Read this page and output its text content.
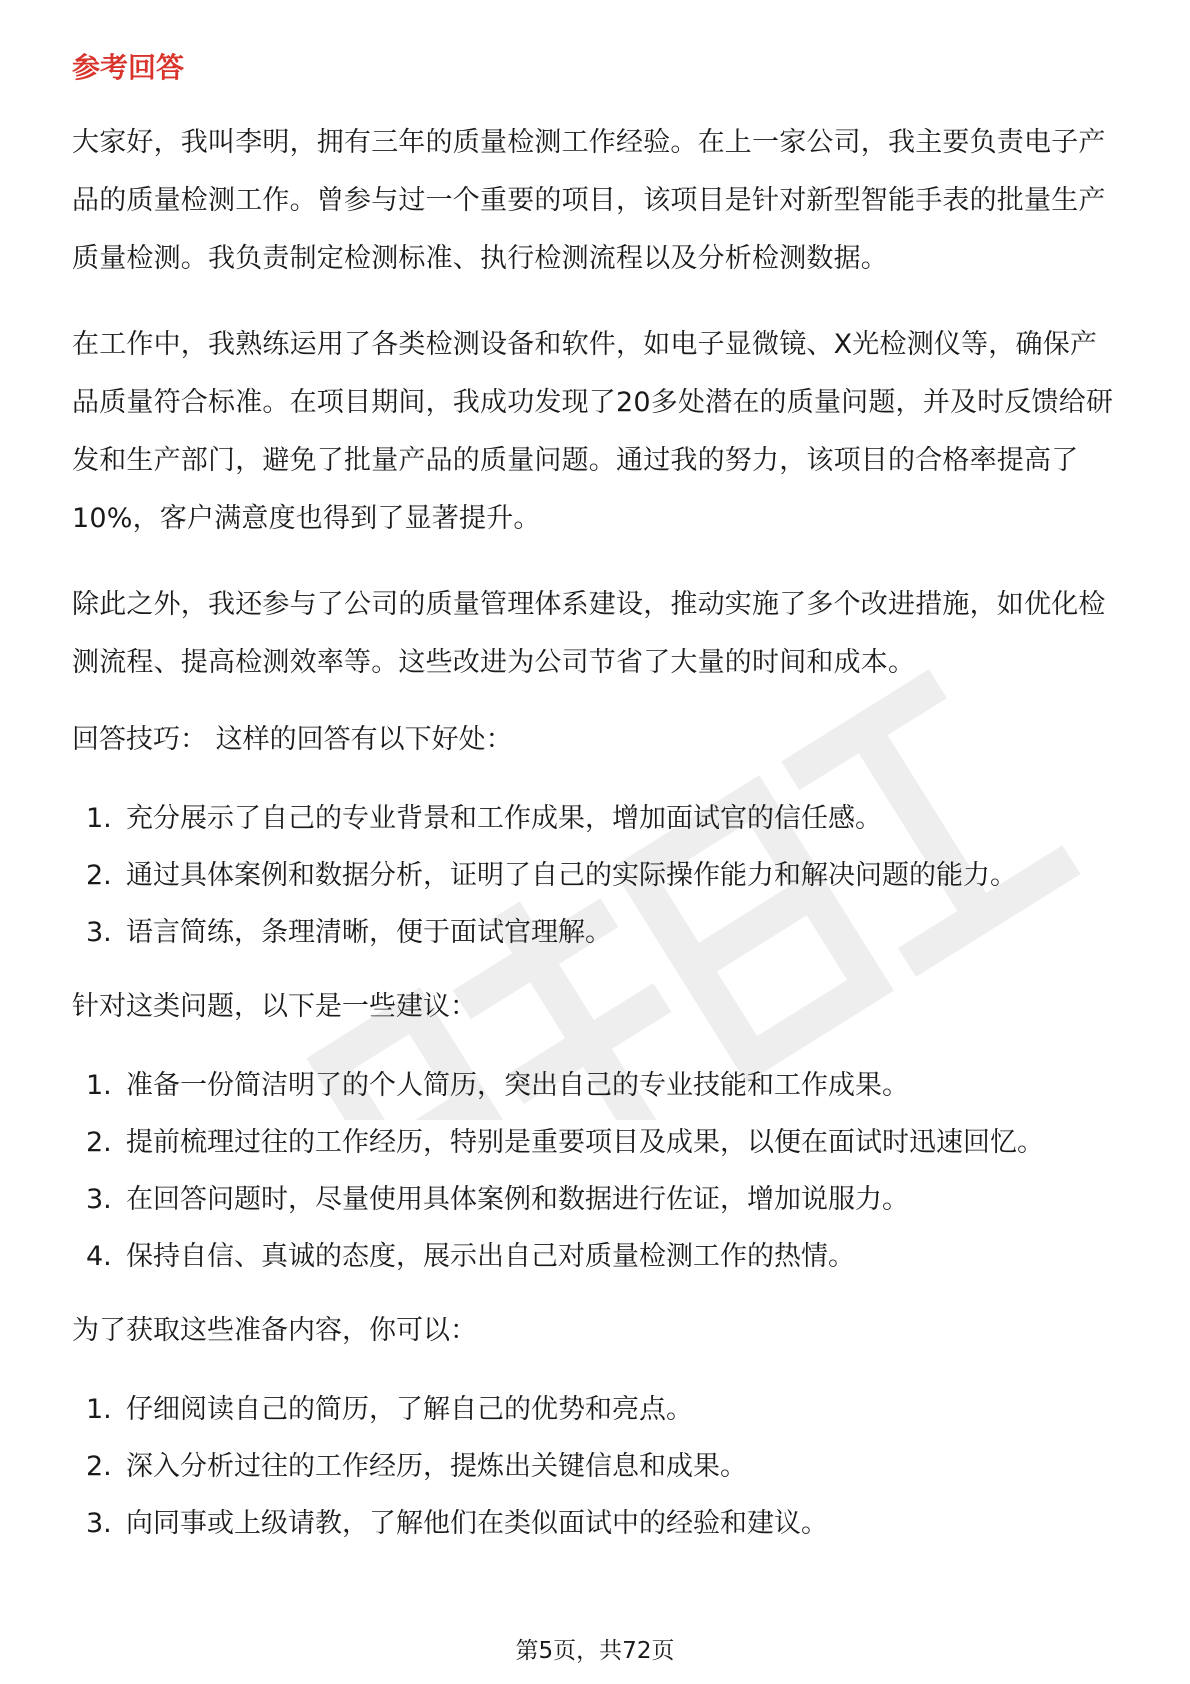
参考回答

大家好，我叫李明，拥有三年的质量检测工作经验。在上一家公司，我主要负责电子产品的质量检测工作。曾参与过一个重要的项目，该项目是针对新型智能手表的批量生产质量检测。我负责制定检测标准、执行检测流程以及分析检测数据。

在工作中，我熟练运用了各类检测设备和软件，如电子显微镜、X光检测仪等，确保产品质量符合标准。在项目期间，我成功发现了20多处潜在的质量问题，并及时反馈给研发和生产部门，避免了批量产品的质量问题。通过我的努力，该项目的合格率提高了10%，客户满意度也得到了显著提升。

除此之外，我还参与了公司的质量管理体系建设，推动实施了多个改进措施，如优化检测流程、提高检测效率等。这些改进为公司节省了大量的时间和成本。

回答技巧： 这样的回答有以下好处：

1. 充分展示了自己的专业背景和工作成果，增加面试官的信任感。
2. 通过具体案例和数据分析，证明了自己的实际操作能力和解决问题的能力。
3. 语言简练，条理清晰，便于面试官理解。

针对这类问题，以下是一些建议：

1. 准备一份简洁明了的个人简历，突出自己的专业技能和工作成果。
2. 提前梳理过往的工作经历，特别是重要项目及成果，以便在面试时迅速回忆。
3. 在回答问题时，尽量使用具体案例和数据进行佐证，增加说服力。
4. 保持自信、真诚的态度，展示出自己对质量检测工作的热情。

为了获取这些准备内容，你可以：

1. 仔细阅读自己的简历，了解自己的优势和亮点。
2. 深入分析过往的工作经历，提炼出关键信息和成果。
3. 向同事或上级请教，了解他们在类似面试中的经验和建议。
第5页，共72页
